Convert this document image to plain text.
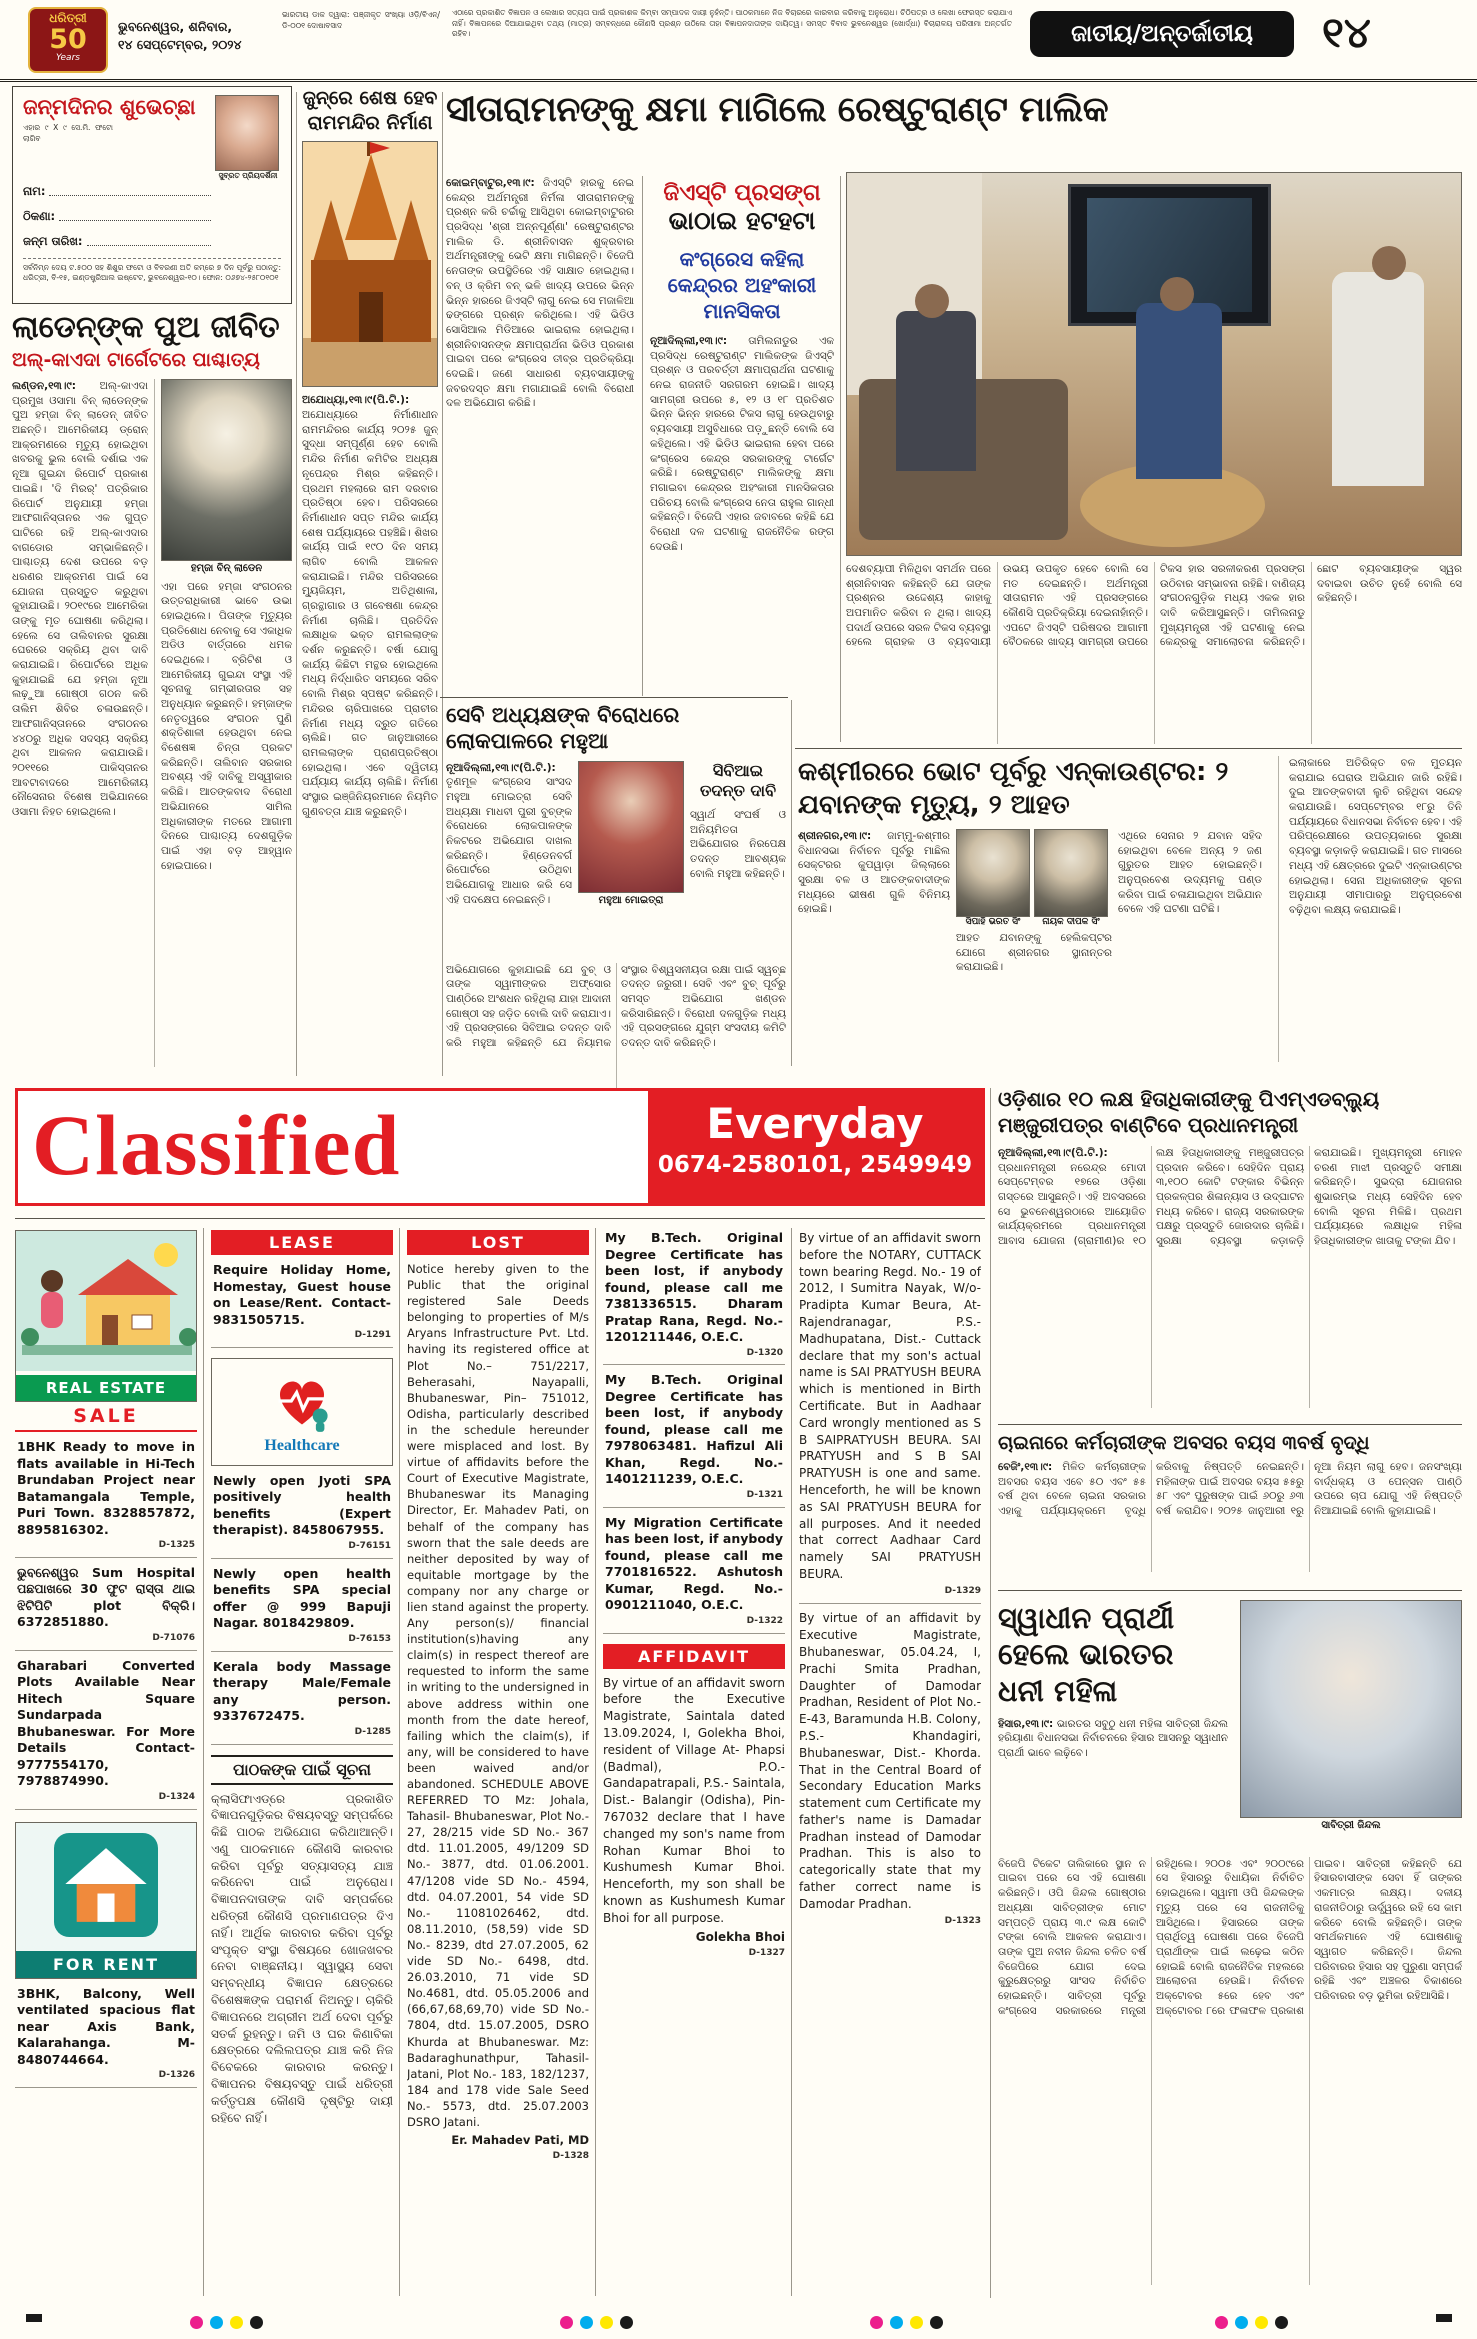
ଧରିତ୍ରୀ
50
Years
ଭୁବନେଶ୍ୱର, ଶନିବାର,
୧୪ ସେପ୍ଟେମ୍ବର, ୨୦୨୪
ଭାରତୀୟ ଡାକ ଦ୍ୱାରା: ପଞ୍ଜୀକୃତ ସଂଖ୍ୟା ଓଡ଼ି/ବିଏନ୍/ଡି-୦୦୧ ଦୋଷାବସାଦ
ଏଠାରେ ପ୍ରକାଶିତ ବିଜ୍ଞାପନ ଓ ଲେଖାର ସତ୍ୟତା ପାଇଁ ପ୍ରକାଶକ କିମ୍ବା ସମ୍ପାଦକ ଦାୟୀ ନୁହଁନ୍ତି। ପାଠକମାନେ ନିଜ ବିଚାରରେ କାରବାର କରିବାକୁ ଅନୁରୋଧ। ଚିଠିପତ୍ର ଓ ଲେଖା ଫେରସ୍ତ କରାଯାଏ ନାହିଁ। ବିଜ୍ଞାପନରେ ଦିଆଯାଇଥିବା ତଥ୍ୟ (ମାତ୍ର) ସମ୍ବନ୍ଧରେ କୌଣସି ପ୍ରଶ୍ନ ଉଠିଲେ ତାହା ବିଜ୍ଞାପନଦାତାଙ୍କ ଦାୟିତ୍ୱ। ସମସ୍ତ ବିବାଦ ଭୁବନେଶ୍ୱର (ଖୋର୍ଦ୍ଧା) ବିଚାରାଳୟ ପରିସୀମା ଅନ୍ତର୍ଗତ ରହିବ।	ଜାତୀୟ/ଅନ୍ତର୍ଜାତୀୟ	୧୪
ଜନ୍ମଦିନର ଶୁଭେଚ୍ଛା
ଏହାର ୯ X ୯ ସେ.ମି. ଫଟୋ ଲାଗିବ
ସୁବ୍ରତ ପ୍ରିୟଦର୍ଶିନୀ
ନାମ:
ଠିକଣା:
ଜନ୍ମ ତାରିଖ:
ସର୍ବନିମ୍ନ ଦେୟ ଟ.୫୦୦ ସହ ଶିଶୁର ଫଟୋ ଓ ବିବରଣୀ ଅତି କମ୍‌ରେ ୭ ଦିନ ପୂର୍ବରୁ ପଠାନ୍ତୁ: ଧରିତ୍ରୀ, ବି-୧୫, ଇଣ୍ଡଷ୍ଟ୍ରିଆଲ ଇଷ୍ଟେଟ, ଭୁବନେଶ୍ୱର-୧୦। ଫୋନ: ୦୬୭୪-୨୫୮୦୧୦୧
ଲାଡେନ୍‌ଙ୍କ ପୁଅ ଜୀବିତ
ଅଲ୍-କାଏଦା ଟାର୍ଗେଟରେ ପାଶ୍ଚାତ୍ୟ
ଲଣ୍ଡନ,୧୩।୯: ଅଲ୍-କାଏଦା ପ୍ରମୁଖ ଓସାମା ବିନ୍ ଲାଡେନ୍‌ଙ୍କ ପୁଅ ହମ୍‌ଜା ବିନ୍ ଲାଡେନ୍ ଜୀବିତ ଅଛନ୍ତି। ଆମେରିକୀୟ ଡ୍ରୋନ୍ ଆକ୍ରମଣରେ ମୃତ୍ୟୁ ହୋଇଥିବା ଖବରକୁ ଭୁଲ ବୋଲି ଦର୍ଶାଇ ଏକ ନୂଆ ଗୁଇନ୍ଦା ରିପୋର୍ଟ ପ୍ରକାଶ ପାଇଛି। 'ଦି ମିରର୍' ପତ୍ରିକାର ରିପୋର୍ଟ ଅନୁଯାୟୀ ହମ୍‌ଜା ଆଫଗାନିସ୍ତାନର ଏକ ଗୁପ୍ତ ଘାଟିରେ ରହି ଅଲ୍-କାଏଦାର ବାଗଡୋର ସମ୍ଭାଳିଛନ୍ତି। ପାଶ୍ଚାତ୍ୟ ଦେଶ ଉପରେ ବଡ଼ ଧରଣର ଆକ୍ରମଣ ପାଇଁ ସେ ଯୋଜନା ପ୍ରସ୍ତୁତ କରୁଥିବା କୁହାଯାଉଛି। ୨୦୧୯ରେ ଆମେରିକା ତାଙ୍କୁ ମୃତ ଘୋଷଣା କରିଥିଲା। ହେଲେ ସେ ତାଲିବାନର ସୁରକ୍ଷା ଘେରରେ ସକ୍ରିୟ ଥିବା ଦାବି କରାଯାଇଛି। ରିପୋର୍ଟରେ ଅଧିକ କୁହାଯାଇଛି ଯେ ହମ୍‌ଜା ନୂଆ ଲଢ଼ୁଆ ଗୋଷ୍ଠୀ ଗଠନ କରି ତାଲିମ ଶିବିର ଚଳାଉଛନ୍ତି। ଆଫଗାନିସ୍ତାନରେ ସଂଗଠନର ୪୪୦ରୁ ଅଧିକ ସଦସ୍ୟ ସକ୍ରିୟ ଥିବା ଆକଳନ କରାଯାଉଛି। ୨୦୧୧ରେ ପାକିସ୍ତାନର ଆବଟାବାଦରେ ଆମେରିକୀୟ ନୌସେନାର ବିଶେଷ ଅଭିଯାନରେ ଓସାମା ନିହତ ହୋଇଥିଲେ।
ହମ୍‌ଜା ବିନ୍ ଲାଡେନ
ଏହା ପରେ ହମ୍‌ଜା ସଂଗଠନର ଉତ୍ତରାଧିକାରୀ ଭାବେ ଉଭା ହୋଇଥିଲେ। ପିତାଙ୍କ ମୃତ୍ୟୁର ପ୍ରତିଶୋଧ ନେବାକୁ ସେ ଏକାଧିକ ଅଡିଓ ବାର୍ତ୍ତାରେ ଧମକ ଦେଇଥିଲେ। ବ୍ରିଟିଶ ଓ ଆମେରିକୀୟ ଗୁଇନ୍ଦା ସଂସ୍ଥା ଏହି ସୂଚନାକୁ ଗମ୍ଭୀରତାର ସହ ଅନୁଧ୍ୟାନ କରୁଛନ୍ତି। ହମ୍‌ଜାଙ୍କ ନେତୃତ୍ୱରେ ସଂଗଠନ ପୁଣି ଶକ୍ତିଶାଳୀ ହେଉଥିବା ନେଇ ବିଶେଷଜ୍ଞ ଚିନ୍ତା ପ୍ରକଟ କରିଛନ୍ତି। ତାଲିବାନ ସରକାର ଅବଶ୍ୟ ଏହି ଦାବିକୁ ଅସ୍ୱୀକାର କରିଛି। ଆତଙ୍କବାଦ ବିରୋଧୀ ଅଭିଯାନରେ ସାମିଲ ଅଧିକାରୀଙ୍କ ମତରେ ଆଗାମୀ ଦିନରେ ପାଶ୍ଚାତ୍ୟ ଦେଶଗୁଡ଼ିକ ପାଇଁ ଏହା ବଡ଼ ଆହ୍ୱାନ ହୋଇପାରେ।
ଜୁନ୍‌ରେ ଶେଷ ହେବ ରାମମନ୍ଦିର ନିର୍ମାଣ
ଅଯୋଧ୍ୟା,୧୩।୯(ପି.ଟି.): ଅଯୋଧ୍ୟାରେ ନିର୍ମାଣାଧୀନ ରାମମନ୍ଦିରର କାର୍ଯ୍ୟ ୨୦୨୫ ଜୁନ୍ ସୁଦ୍ଧା ସମ୍ପୂର୍ଣ୍ଣ ହେବ ବୋଲି ମନ୍ଦିର ନିର୍ମାଣ କମିଟିର ଅଧ୍ୟକ୍ଷ ନୃପେନ୍ଦ୍ର ମିଶ୍ର କହିଛନ୍ତି। ପ୍ରଥମ ମହଲାରେ ରାମ ଦରବାର ପ୍ରତିଷ୍ଠା ହେବ। ପରିସରରେ ନିର୍ମାଣାଧୀନ ସପ୍ତ ମନ୍ଦିର କାର୍ଯ୍ୟ ଶେଷ ପର୍ଯ୍ୟାୟରେ ପହଞ୍ଚିଛି। ଶିଖର କାର୍ଯ୍ୟ ପାଇଁ ୧୯୦ ଦିନ ସମୟ ଲାଗିବ ବୋଲି ଆକଳନ କରାଯାଇଛି। ମନ୍ଦିର ପରିସରରେ ମ୍ୟୁଜିୟମ, ଅତିଥିଶାଳା, ଗ୍ରନ୍ଥାଗାର ଓ ଗବେଷଣା କେନ୍ଦ୍ର ନିର୍ମାଣ ଚାଲିଛି। ପ୍ରତିଦିନ ଲକ୍ଷାଧିକ ଭକ୍ତ ରାମଲଲାଙ୍କ ଦର୍ଶନ କରୁଛନ୍ତି। ବର୍ଷା ଯୋଗୁ କାର୍ଯ୍ୟ କିଛିଟା ମନ୍ଥର ହୋଇଥିଲେ ମଧ୍ୟ ନିର୍ଦ୍ଧାରିତ ସମୟରେ ସରିବ ବୋଲି ମିଶ୍ର ସ୍ପଷ୍ଟ କରିଛନ୍ତି। ମନ୍ଦିରର ଚାରିପାଖରେ ପ୍ରାଚୀର ନିର୍ମାଣ ମଧ୍ୟ ଦ୍ରୁତ ଗତିରେ ଚାଲିଛି। ଗତ ଜାନୁଆରୀରେ ରାମଲଲାଙ୍କ ପ୍ରାଣପ୍ରତିଷ୍ଠା ହୋଇଥିଲା। ଏବେ ଦ୍ୱିତୀୟ ପର୍ଯ୍ୟାୟ କାର୍ଯ୍ୟ ଚାଲିଛି। ନିର୍ମାଣ ସଂସ୍ଥାର ଇଞ୍ଜିନିୟରମାନେ ନିୟମିତ ଗୁଣବତ୍ତା ଯାଞ୍ଚ କରୁଛନ୍ତି।
ସୀତାରାମନଙ୍କୁ କ୍ଷମା ମାଗିଲେ ରେଷ୍ଟୁରାଣ୍ଟ ମାଲିକ
କୋଇମ୍ବାଟୁର,୧୩।୯: ଜିଏସ୍‌ଟି ହାରକୁ ନେଇ କେନ୍ଦ୍ର ଅର୍ଥମନ୍ତ୍ରୀ ନିର୍ମଳା ସୀତାରାମନଙ୍କୁ ପ୍ରଶ୍ନ କରି ଚର୍ଚ୍ଚାକୁ ଆସିଥିବା କୋଇମ୍ବାଟୁରର ପ୍ରସିଦ୍ଧ 'ଶ୍ରୀ ଅନ୍ନପୂର୍ଣ୍ଣା' ରେଷ୍ଟୁରାଣ୍ଟର ମାଲିକ ଡି. ଶ୍ରୀନିବାସନ ଶୁକ୍ରବାର ଅର୍ଥମନ୍ତ୍ରୀଙ୍କୁ ଭେଟି କ୍ଷମା ମାଗିଛନ୍ତି। ବିଜେପି ନେତାଙ୍କ ଉପସ୍ଥିତିରେ ଏହି ସାକ୍ଷାତ ହୋଇଥିଲା। ବନ୍ ଓ କ୍ରିମ ବନ୍ ଭଳି ଖାଦ୍ୟ ଉପରେ ଭିନ୍ନ ଭିନ୍ନ ହାରରେ ଜିଏସ୍‌ଟି ଲାଗୁ ନେଇ ସେ ମଜାଳିଆ ଢଙ୍ଗରେ ପ୍ରଶ୍ନ କରିଥିଲେ। ଏହି ଭିଡିଓ ସୋସିଆଲ ମିଡିଆରେ ଭାଇରାଲ ହୋଇଥିଲା। ଶ୍ରୀନିବାସନଙ୍କ କ୍ଷମାପ୍ରାର୍ଥନା ଭିଡିଓ ପ୍ରକାଶ ପାଇବା ପରେ କଂଗ୍ରେସ ତୀବ୍ର ପ୍ରତିକ୍ରିୟା ଦେଇଛି। ଜଣେ ସାଧାରଣ ବ୍ୟବସାୟୀଙ୍କୁ ଜବରଦସ୍ତ କ୍ଷମା ମଗାଯାଇଛି ବୋଲି ବିରୋଧୀ ଦଳ ଅଭିଯୋଗ କରିଛି।
ଦେଶବ୍ୟାପୀ ମିଳିଥିବା ସମର୍ଥନ ପରେ ଶ୍ରୀନିବାସନ କହିଛନ୍ତି ଯେ ତାଙ୍କ ପ୍ରଶ୍ନର ଉଦ୍ଦେଶ୍ୟ କାହାକୁ ଅପମାନିତ କରିବା ନ ଥିଲା। ଖାଦ୍ୟ ପଦାର୍ଥ ଉପରେ ସରଳ ଟିକସ ବ୍ୟବସ୍ଥା ହେଲେ ଗ୍ରାହକ ଓ ବ୍ୟବସାୟୀ ଉଭୟ ଉପକୃତ ହେବେ ବୋଲି ସେ ମତ ଦେଇଛନ୍ତି। ଅର୍ଥମନ୍ତ୍ରୀ ସୀତାରାମନ ଏହି ପ୍ରସଙ୍ଗରେ କୌଣସି ପ୍ରତିକ୍ରିୟା ଦେଇନାହାଁନ୍ତି। ଏପଟେ ଜିଏସ୍‌ଟି ପରିଷଦର ଆଗାମୀ ବୈଠକରେ ଖାଦ୍ୟ ସାମଗ୍ରୀ ଉପରେ ଟିକସ ହାର ସରଳୀକରଣ ପ୍ରସଙ୍ଗ ଉଠିବାର ସମ୍ଭାବନା ରହିଛି। ବାଣିଜ୍ୟ ସଂଗଠନଗୁଡ଼ିକ ମଧ୍ୟ ଏକକ ହାର ଦାବି କରିଆସୁଛନ୍ତି। ତାମିଲନାଡୁ ମୁଖ୍ୟମନ୍ତ୍ରୀ ଏହି ଘଟଣାକୁ ନେଇ କେନ୍ଦ୍ରକୁ ସମାଲୋଚନା କରିଛନ୍ତି। ଛୋଟ ବ୍ୟବସାୟୀଙ୍କ ସ୍ୱର ଦବାଇବା ଉଚିତ ନୁହେଁ ବୋଲି ସେ କହିଛନ୍ତି।
ଜିଏସ୍‌ଟି ପ୍ରସଙ୍ଗ
ଭାଠାଇ ହଟହଟା
କଂଗ୍ରେସ କହିଲା କେନ୍ଦ୍ରର ଅହଂକାରୀ ମାନସିକତା
ନୂଆଦିଲ୍ଲୀ,୧୩।୯: ତାମିଲନାଡୁର ଏକ ପ୍ରସିଦ୍ଧ ରେଷ୍ଟୁରାଣ୍ଟ ମାଲିକଙ୍କ ଜିଏସ୍‌ଟି ପ୍ରଶ୍ନ ଓ ପରବର୍ତ୍ତୀ କ୍ଷମାପ୍ରାର୍ଥନା ଘଟଣାକୁ ନେଇ ରାଜନୀତି ସରଗରମ ହୋଇଛି। ଖାଦ୍ୟ ସାମଗ୍ରୀ ଉପରେ ୫, ୧୨ ଓ ୧୮ ପ୍ରତିଶତ ଭିନ୍ନ ଭିନ୍ନ ହାରରେ ଟିକସ ଲାଗୁ ହେଉଥିବାରୁ ବ୍ୟବସାୟୀ ଅସୁବିଧାରେ ପଡ଼ୁଛନ୍ତି ବୋଲି ସେ କହିଥିଲେ। ଏହି ଭିଡିଓ ଭାଇରାଲ ହେବା ପରେ କଂଗ୍ରେସ କେନ୍ଦ୍ର ସରକାରଙ୍କୁ ଟାର୍ଗେଟ କରିଛି। ରେଷ୍ଟୁରାଣ୍ଟ ମାଲିକଙ୍କୁ କ୍ଷମା ମଗାଇବା କେନ୍ଦ୍ରର ଅହଂକାରୀ ମାନସିକତାର ପରିଚୟ ବୋଲି କଂଗ୍ରେସ ନେତା ରାହୁଲ ଗାନ୍ଧୀ କହିଛନ୍ତି। ବିଜେପି ଏହାର ଜବାବରେ କହିଛି ଯେ ବିରୋଧୀ ଦଳ ଘଟଣାକୁ ରାଜନୈତିକ ରଙ୍ଗ ଦେଉଛି।
ସେବି ଅଧ୍ୟକ୍ଷଙ୍କ ବିରୋଧରେ ଲୋକପାଳରେ ମହୁଆ
ନୂଆଦିଲ୍ଲୀ,୧୩।୯(ପି.ଟି.): ତୃଣମୂଳ କଂଗ୍ରେସ ସାଂସଦ ମହୁଆ ମୋଇତ୍ରା ସେବି ଅଧ୍ୟକ୍ଷା ମାଧବୀ ପୁରୀ ବୁଚ୍‌ଙ୍କ ବିରୋଧରେ ଲୋକପାଳଙ୍କ ନିକଟରେ ଅଭିଯୋଗ ଦାଖଲ କରିଛନ୍ତି। ହିଣ୍ଡେନବର୍ଗ ରିପୋର୍ଟରେ ଉଠିଥିବା ଅଭିଯୋଗକୁ ଆଧାର କରି ସେ ଏହି ପଦକ୍ଷେପ ନେଇଛନ୍ତି।	ମହୁଆ ମୋଇତ୍ରା
ସିବିଆଇ ତଦନ୍ତ ଦାବି
ସ୍ୱାର୍ଥ ସଂଘର୍ଷ ଓ ଅନିୟମିତତା ଅଭିଯୋଗର ନିରପେକ୍ଷ ତଦନ୍ତ ଆବଶ୍ୟକ ବୋଲି ମହୁଆ କହିଛନ୍ତି।
ଅଭିଯୋଗରେ କୁହାଯାଇଛି ଯେ ବୁଚ୍ ଓ ତାଙ୍କ ସ୍ୱାମୀଙ୍କର ଅଫ୍‌ସୋର ପାଣ୍ଠିରେ ଅଂଶଧନ ରହିଥିଲା ଯାହା ଆଦାନୀ ଗୋଷ୍ଠୀ ସହ ଜଡ଼ିତ ବୋଲି ଦାବି କରାଯାଏ। ଏହି ପ୍ରସଙ୍ଗରେ ସିବିଆଇ ତଦନ୍ତ ଦାବି କରି ମହୁଆ କହିଛନ୍ତି ଯେ ନିୟାମକ ସଂସ୍ଥାର ବିଶ୍ୱସନୀୟତା ରକ୍ଷା ପାଇଁ ସ୍ୱଚ୍ଛ ତଦନ୍ତ ଜରୁରୀ। ସେବି ଏବଂ ବୁଚ୍ ପୂର୍ବରୁ ସମସ୍ତ ଅଭିଯୋଗ ଖଣ୍ଡନ କରିସାରିଛନ୍ତି। ବିରୋଧୀ ଦଳଗୁଡ଼ିକ ମଧ୍ୟ ଏହି ପ୍ରସଙ୍ଗରେ ଯୁଗ୍ମ ସଂସଦୀୟ କମିଟି ତଦନ୍ତ ଦାବି କରିଛନ୍ତି।
କଶ୍ମୀରରେ ଭୋଟ ପୂର୍ବରୁ ଏନ୍‌କାଉଣ୍ଟର: ୨ ଯବାନଙ୍କ ମୃତ୍ୟୁ, ୨ ଆହତ
ଶ୍ରୀନଗର,୧୩।୯: ଜାମ୍ମୁ-କଶ୍ମୀର ବିଧାନସଭା ନିର୍ବାଚନ ପୂର୍ବରୁ ମାଛିଲ ସେକ୍ଟରର କୁପୱାଡ଼ା ଜିଲ୍ଲାରେ ସୁରକ୍ଷା ବଳ ଓ ଆତଙ୍କବାଦୀଙ୍କ ମଧ୍ୟରେ ଭୀଷଣ ଗୁଳି ବିନିମୟ ହୋଇଛି।
ସିପାହି ଭରତ ସିଂ	ନାୟକ ଦୀପକ ସିଂ
ଆହତ ଯବାନଙ୍କୁ ହେଲିକପ୍ଟର ଯୋଗେ ଶ୍ରୀନଗର ସ୍ଥାନାନ୍ତର କରାଯାଇଛି।
ଏଥିରେ ସେନାର ୨ ଯବାନ ସହିଦ ହୋଇଥିବା ବେଳେ ଅନ୍ୟ ୨ ଜଣ ଗୁରୁତର ଆହତ ହୋଇଛନ୍ତି। ଅନୁପ୍ରବେଶ ଉଦ୍ୟମକୁ ପଣ୍ଡ କରିବା ପାଇଁ ଚଳାଯାଇଥିବା ଅଭିଯାନ ବେଳେ ଏହି ଘଟଣା ଘଟିଛି।
ଇଲାକାରେ ଅତିରିକ୍ତ ବଳ ମୁତୟନ କରାଯାଇ ଘେରାଉ ଅଭିଯାନ ଜାରି ରହିଛି। ଦୁଇ ଆତଙ୍କବାଦୀ ଲୁଚି ରହିଥିବା ସନ୍ଦେହ କରାଯାଉଛି। ସେପ୍ଟେମ୍ବର ୧୮ରୁ ତିନି ପର୍ଯ୍ୟାୟରେ ବିଧାନସଭା ନିର୍ବାଚନ ହେବ। ଏହି ପରିପ୍ରେକ୍ଷୀରେ ଉପତ୍ୟକାରେ ସୁରକ୍ଷା ବ୍ୟବସ୍ଥା କଡ଼ାକଡ଼ି କରାଯାଇଛି। ଗତ ମାସରେ ମଧ୍ୟ ଏହି କ୍ଷେତ୍ରରେ ଦୁଇଟି ଏନ୍‌କାଉଣ୍ଟର ହୋଇଥିଲା। ସେନା ଅଧିକାରୀଙ୍କ ସୂଚନା ଅନୁଯାୟୀ ସୀମାପାରରୁ ଅନୁପ୍ରବେଶ ବଢ଼ିଥିବା ଲକ୍ଷ୍ୟ କରାଯାଇଛି।
Classified	Everyday
0674-2580101, 2549949
ଓଡ଼ିଶାର ୧୦ ଲକ୍ଷ ହିତାଧିକାରୀଙ୍କୁ ପିଏମ୍‌ଏଡବ୍ଲ୍ୟୁ ମଞ୍ଜୁରୀପତ୍ର ବାଣ୍ଟିବେ ପ୍ରଧାନମନ୍ତ୍ରୀ
ନୂଆଦିଲ୍ଲୀ,୧୩।୯(ପି.ଟି.): ପ୍ରଧାନମନ୍ତ୍ରୀ ନରେନ୍ଦ୍ର ମୋଦୀ ସେପ୍ଟେମ୍ବର ୧୭ରେ ଓଡ଼ିଶା ଗସ୍ତରେ ଆସୁଛନ୍ତି। ଏହି ଅବସରରେ ସେ ଭୁବନେଶ୍ୱରଠାରେ ଆୟୋଜିତ କାର୍ଯ୍ୟକ୍ରମରେ ପ୍ରଧାନମନ୍ତ୍ରୀ ଆବାସ ଯୋଜନା (ଗ୍ରାମୀଣ)ର ୧୦ ଲକ୍ଷ ହିତାଧିକାରୀଙ୍କୁ ମଞ୍ଜୁରୀପତ୍ର ପ୍ରଦାନ କରିବେ। ସେହିଦିନ ପ୍ରାୟ ୩,୧୦୦ କୋଟି ଟଙ୍କାର ବିଭିନ୍ନ ପ୍ରକଳ୍ପର ଶିଳାନ୍ୟାସ ଓ ଉଦ୍‌ଘାଟନ ମଧ୍ୟ କରିବେ। ରାଜ୍ୟ ସରକାରଙ୍କ ପକ୍ଷରୁ ପ୍ରସ୍ତୁତି ଜୋରଦାର ଚାଲିଛି। ସୁରକ୍ଷା ବ୍ୟବସ୍ଥା କଡ଼ାକଡ଼ି କରାଯାଇଛି। ମୁଖ୍ୟମନ୍ତ୍ରୀ ମୋହନ ଚରଣ ମାଝୀ ପ୍ରସ୍ତୁତି ସମୀକ୍ଷା କରିଛନ୍ତି। ସୁଭଦ୍ରା ଯୋଜନାର ଶୁଭାରମ୍ଭ ମଧ୍ୟ ସେହିଦିନ ହେବ ବୋଲି ସୂଚନା ମିଳିଛି। ପ୍ରଥମ ପର୍ଯ୍ୟାୟରେ ଲକ୍ଷାଧିକ ମହିଳା ହିତାଧିକାରୀଙ୍କ ଖାତାକୁ ଟଙ୍କା ଯିବ।
ଚାଇନାରେ କର୍ମଚାରୀଙ୍କ ଅବସର ବୟସ ୩ବର୍ଷ ବୃଦ୍ଧି
ବେଜିଂ,୧୩।୯: ମିଳିତ କର୍ମଚାରୀଙ୍କ ଅବସର ବୟସ ଏବେ ୫୦ ଏବଂ ୫୫ ବର୍ଷ ଥିବା ବେଳେ ଚାଇନା ସରକାର ଏହାକୁ ପର୍ଯ୍ୟାୟକ୍ରମେ ବୃଦ୍ଧି କରିବାକୁ ନିଷ୍ପତ୍ତି ନେଇଛନ୍ତି। ମହିଳାଙ୍କ ପାଇଁ ଅବସର ବୟସ ୫୫ରୁ ୫୮ ଏବଂ ପୁରୁଷଙ୍କ ପାଇଁ ୬୦ରୁ ୬୩ ବର୍ଷ କରାଯିବ। ୨୦୨୫ ଜାନୁଆରୀ ୧ରୁ ନୂଆ ନିୟମ ଲାଗୁ ହେବ। ଜନସଂଖ୍ୟା ବାର୍ଦ୍ଧକ୍ୟ ଓ ପେନ୍‌ସନ ପାଣ୍ଠି ଉପରେ ଚାପ ଯୋଗୁ ଏହି ନିଷ୍ପତ୍ତି ନିଆଯାଇଛି ବୋଲି କୁହାଯାଇଛି।
ସ୍ୱାଧୀନ ପ୍ରାର୍ଥୀ ହେଲେ ଭାରତର ଧନୀ ମହିଳା
ହିସାର,୧୩।୯: ଭାରତର ସବୁଠୁ ଧନୀ ମହିଳା ସାବିତ୍ରୀ ଜିନ୍ଦଲ ହରିୟାଣା ବିଧାନସଭା ନିର୍ବାଚନରେ ହିସାର ଆସନରୁ ସ୍ୱାଧୀନ ପ୍ରାର୍ଥୀ ଭାବେ ଲଢ଼ିବେ।
ସାବିତ୍ରୀ ଜିନ୍ଦଲ
ବିଜେପି ଟିକେଟ ତାଲିକାରେ ସ୍ଥାନ ନ ପାଇବା ପରେ ସେ ଏହି ଘୋଷଣା କରିଛନ୍ତି। ଓପି ଜିନ୍ଦଲ ଗୋଷ୍ଠୀର ଅଧ୍ୟକ୍ଷା ସାବିତ୍ରୀଙ୍କ ମୋଟ ସମ୍ପତ୍ତି ପ୍ରାୟ ୩.୯ ଲକ୍ଷ କୋଟି ଟଙ୍କା ବୋଲି ଆକଳନ କରାଯାଏ। ତାଙ୍କ ପୁଅ ନବୀନ ଜିନ୍ଦଲ ଚଳିତ ବର୍ଷ ବିଜେପିରେ ଯୋଗ ଦେଇ କୁରୁକ୍ଷେତ୍ରରୁ ସାଂସଦ ନିର୍ବାଚିତ ହୋଇଛନ୍ତି। ସାବିତ୍ରୀ ପୂର୍ବରୁ କଂଗ୍ରେସ ସରକାରରେ ମନ୍ତ୍ରୀ ରହିଥିଲେ। ୨୦୦୫ ଏବଂ ୨୦୦୯ରେ ସେ ହିସାରରୁ ବିଧାୟିକା ନିର୍ବାଚିତ ହୋଇଥିଲେ। ସ୍ୱାମୀ ଓପି ଜିନ୍ଦଲଙ୍କ ମୃତ୍ୟୁ ପରେ ସେ ରାଜନୀତିକୁ ଆସିଥିଲେ। ହିସାରରେ ତାଙ୍କ ପ୍ରାର୍ଥିତ୍ୱ ଘୋଷଣା ପରେ ବିଜେପି ପ୍ରାର୍ଥୀଙ୍କ ପାଇଁ ଲଢ଼େଇ କଠିନ ହୋଇଛି ବୋଲି ରାଜନୈତିକ ମହଲରେ ଆଲୋଚନା ହେଉଛି। ନିର୍ବାଚନ ଅକ୍ଟୋବର ୫ରେ ହେବ ଏବଂ ଅକ୍ଟୋବର ୮ରେ ଫଳାଫଳ ପ୍ରକାଶ ପାଇବ। ସାବିତ୍ରୀ କହିଛନ୍ତି ଯେ ହିସାରବାସୀଙ୍କ ସେବା ହିଁ ତାଙ୍କର ଏକମାତ୍ର ଲକ୍ଷ୍ୟ। ଦଳୀୟ ରାଜନୀତିଠାରୁ ଊର୍ଦ୍ଧ୍ୱରେ ରହି ସେ କାମ କରିବେ ବୋଲି କହିଛନ୍ତି। ତାଙ୍କ ସମର୍ଥକମାନେ ଏହି ଘୋଷଣାକୁ ସ୍ୱାଗତ କରିଛନ୍ତି। ଜିନ୍ଦଲ ପରିବାରର ହିସାର ସହ ପୁରୁଣା ସମ୍ପର୍କ ରହିଛି ଏବଂ ଅଞ୍ଚଳର ବିକାଶରେ ପରିବାରର ବଡ଼ ଭୂମିକା ରହିଆସିଛି।
REAL ESTATE
SALE
1BHK Ready to move in flats available in Hi-Tech Brundaban Project near Batamangala Temple, Puri Town. 8328857872, 8895816302.
D-1325
ଭୁବନେଶ୍ୱର Sum Hospital ପଛପାଖରେ 30 ଫୁଟ ରାସ୍ତା ଥାଇ ଝିଟିପିଟି plot ବିକ୍ରି। 6372851880.
D-71076
Gharabari Converted Plots Available Near Hitech Square Sundarpada Bhubaneswar. For More Details Contact- 9777554170, 7978874990.
D-1324
FOR RENT
3BHK, Balcony, Well ventilated spacious flat near Axis Bank, Kalarahanga. M-8480744664.
D-1326
LEASE
Require Holiday Home, Homestay, Guest house on Lease/Rent. Contact-9831505715.
D-1291
Healthcare
Newly open Jyoti SPA positively health benefits (Expert therapist). 8458067955.
D-76151
Newly open health benefits SPA special offer @ 999 Bapuji Nagar. 8018429809.
D-76153
Kerala body Massage therapy Male/Female any person. 9337672475.
D-1285
ପାଠକଙ୍କ ପାଇଁ ସୂଚନା
କ୍ଲାସିଫାଏଡ୍‌ରେ ପ୍ରକାଶିତ ବିଜ୍ଞାପନଗୁଡ଼ିକର ବିଷୟବସ୍ତୁ ସମ୍ପର୍କରେ କିଛି ପାଠକ ଅଭିଯୋଗ କରିଥାଆନ୍ତି। ଏଣୁ ପାଠକମାନେ କୌଣସି କାରବାର କରିବା ପୂର୍ବରୁ ସତ୍ୟାସତ୍ୟ ଯାଞ୍ଚ କରିନେବା ପାଇଁ ଅନୁରୋଧ। ବିଜ୍ଞାପନଦାତାଙ୍କ ଦାବି ସମ୍ପର୍କରେ ଧରିତ୍ରୀ କୌଣସି ପ୍ରମାଣପତ୍ର ଦିଏ ନାହିଁ। ଆର୍ଥିକ କାରବାର କରିବା ପୂର୍ବରୁ ସଂପୃକ୍ତ ସଂସ୍ଥା ବିଷୟରେ ଖୋଜଖବର ନେବା ବାଞ୍ଛନୀୟ। ସ୍ୱାସ୍ଥ୍ୟ ସେବା ସମ୍ବନ୍ଧୀୟ ବିଜ୍ଞାପନ କ୍ଷେତ୍ରରେ ବିଶେଷଜ୍ଞଙ୍କ ପରାମର୍ଶ ନିଅନ୍ତୁ। ଚାକିରି ବିଜ୍ଞାପନରେ ଅଗ୍ରୀମ ଅର୍ଥ ଦେବା ପୂର୍ବରୁ ସତର୍କ ରୁହନ୍ତୁ। ଜମି ଓ ଘର କିଣାବିକା କ୍ଷେତ୍ରରେ ଦଲିଲପତ୍ର ଯାଞ୍ଚ କରି ନିଜ ବିବେକରେ କାରବାର କରନ୍ତୁ। ବିଜ୍ଞାପନର ବିଷୟବସ୍ତୁ ପାଇଁ ଧରିତ୍ରୀ କର୍ତ୍ତୃପକ୍ଷ କୌଣସି ଦୃଷ୍ଟିରୁ ଦାୟୀ ରହିବେ ନାହିଁ।
LOST
Notice hereby given to the Public that the original registered Sale Deeds belonging to properties of M/s Aryans Infrastructure Pvt. Ltd. having its registered office at Plot No.– 751/2217, Beherasahi, Nayapalli, Bhubaneswar, Pin– 751012, Odisha, particularly described in the schedule hereunder were misplaced and lost. By virtue of affidavits before the Court of Executive Magistrate, Bhubaneswar its Managing Director, Er. Mahadev Pati, on behalf of the company has sworn that the sale deeds are neither deposited by way of equitable mortgage by the company nor any charge or lien stand against the property. Any person(s)/ financial institution(s)having any claim(s) in respect thereof are requested to inform the same in writing to the undersigned in above address within one month from the date hereof, failing which the claim(s), if any, will be considered to have been waived and/or abandoned. SCHEDULE ABOVE REFERRED TO Mz: Johala, Tahasil- Bhubaneswar, Plot No.- 27, 28/215 vide SD No.- 367 dtd. 11.01.2005, 49/1209 SD No.- 3877, dtd. 01.06.2001. 47/1208 vide SD No.- 4594, dtd. 04.07.2001, 54 vide SD No.- 11081026462, dtd. 08.11.2010, (58,59) vide SD No.- 8239, dtd 27.07.2005, 62 vide SD No.- 6498, dtd. 26.03.2010, 71 vide SD No.4681, dtd. 05.05.2006 and (66,67,68,69,70) vide SD No.- 7804, dtd. 15.07.2005, DSRO Khurda at Bhubaneswar. Mz: Badaraghunathpur, Tahasil- Jatani, Plot No.- 183, 182/1237, 184 and 178 vide Sale Seed No.- 5573, dtd. 25.07.2003 DSRO Jatani.
Er. Mahadev Pati, MD
D-1328
My B.Tech. Original Degree Certificate has been lost, if anybody found, please call me 7381336515. Dharam Pratap Rana, Regd. No.- 1201211446, O.E.C.
D-1320
My B.Tech. Original Degree Certificate has been lost, if anybody found, please call me 7978063481. Hafizul Ali Khan, Regd. No.- 1401211239, O.E.C.
D-1321
My Migration Certificate has been lost, if anybody found, please call me 7701816522. Ashutosh Kumar, Regd. No.- 0901211040, O.E.C.
D-1322
AFFIDAVIT
By virtue of an affidavit sworn before the Executive Magistrate, Saintala dated 13.09.2024, I, Golekha Bhoi, resident of Village At- Phapsi (Badmal), P.O.- Gandapatrapali, P.S.- Saintala, Dist.- Balangir (Odisha), Pin-767032 declare that I have changed my son's name from Rohan Kumar Bhoi to Kushumesh Kumar Bhoi. Henceforth, my son shall be known as Kushumesh Kumar Bhoi for all purpose.
Golekha Bhoi
D-1327
By virtue of an affidavit sworn before the NOTARY, CUTTACK town bearing Regd. No.- 19 of 2012, I Sumitra Nayak, W/o- Pradipta Kumar Beura, At- Rajendranagar, P.S.- Madhupatana, Dist.- Cuttack declare that my son's actual name is SAI PRATYUSH BEURA which is mentioned in Birth Certificate. But in Aadhaar Card wrongly mentioned as S B SAIPRATYUSH BEURA. SAI PRATYUSH and S B SAI PRATYUSH is one and same. Henceforth, he will be known as SAI PRATYUSH BEURA for all purposes. And it needed that correct Aadhaar Card namely SAI PRATYUSH BEURA.
D-1329
By virtue of an affidavit by Executive Magistrate, Bhubaneswar, 05.04.24, I, Prachi Smita Pradhan, Daughter of Damodar Pradhan, Resident of Plot No.- E-43, Baramunda H.B. Colony, P.S.- Khandagiri, Bhubaneswar, Dist.- Khorda. That in the Central Board of Secondary Education Marks statement cum Certificate my father's name is Damadar Pradhan instead of Damodar Pradhan. This is also to categorically state that my father correct name is Damodar Pradhan.
D-1323
